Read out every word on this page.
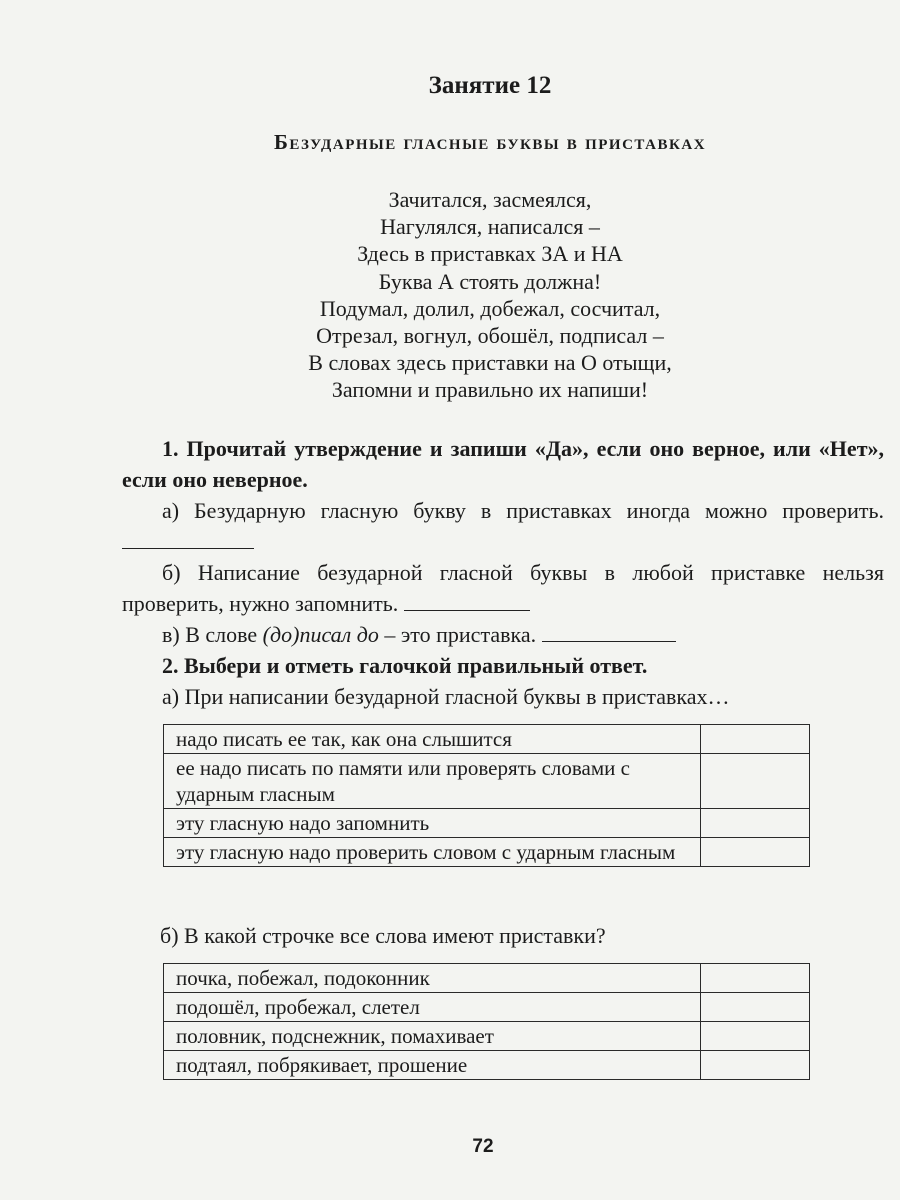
Занятие 12
Безударные гласные буквы в приставках
Зачитался, засмеялся,
Нагулялся, написался –
Здесь в приставках ЗА и НА
Буква А стоять должна!
Подумал, долил, добежал, сосчитал,
Отрезал, вогнул, обошёл, подписал –
В словах здесь приставки на О отыщи,
Запомни и правильно их напиши!
1. Прочитай утверждение и запиши «Да», если оно верное, или «Нет», если оно неверное.
а) Безударную гласную букву в приставках иногда можно проверить.
б) Написание безударной гласной буквы в любой приставке нельзя проверить, нужно запомнить.
в) В слове (до)писал до – это приставка.
2. Выбери и отметь галочкой правильный ответ.
а) При написании безударной гласной буквы в приставках…
надо писать ее так, как она слышится	
ее надо писать по памяти или проверять словами с ударным гласным	
эту гласную надо запомнить	
эту гласную надо проверить словом с ударным гласным	
б) В какой строчке все слова имеют приставки?
почка, побежал, подоконник	
подошёл, пробежал, слетел	
половник, подснежник, помахивает	
подтаял, побрякивает, прошение	
72
